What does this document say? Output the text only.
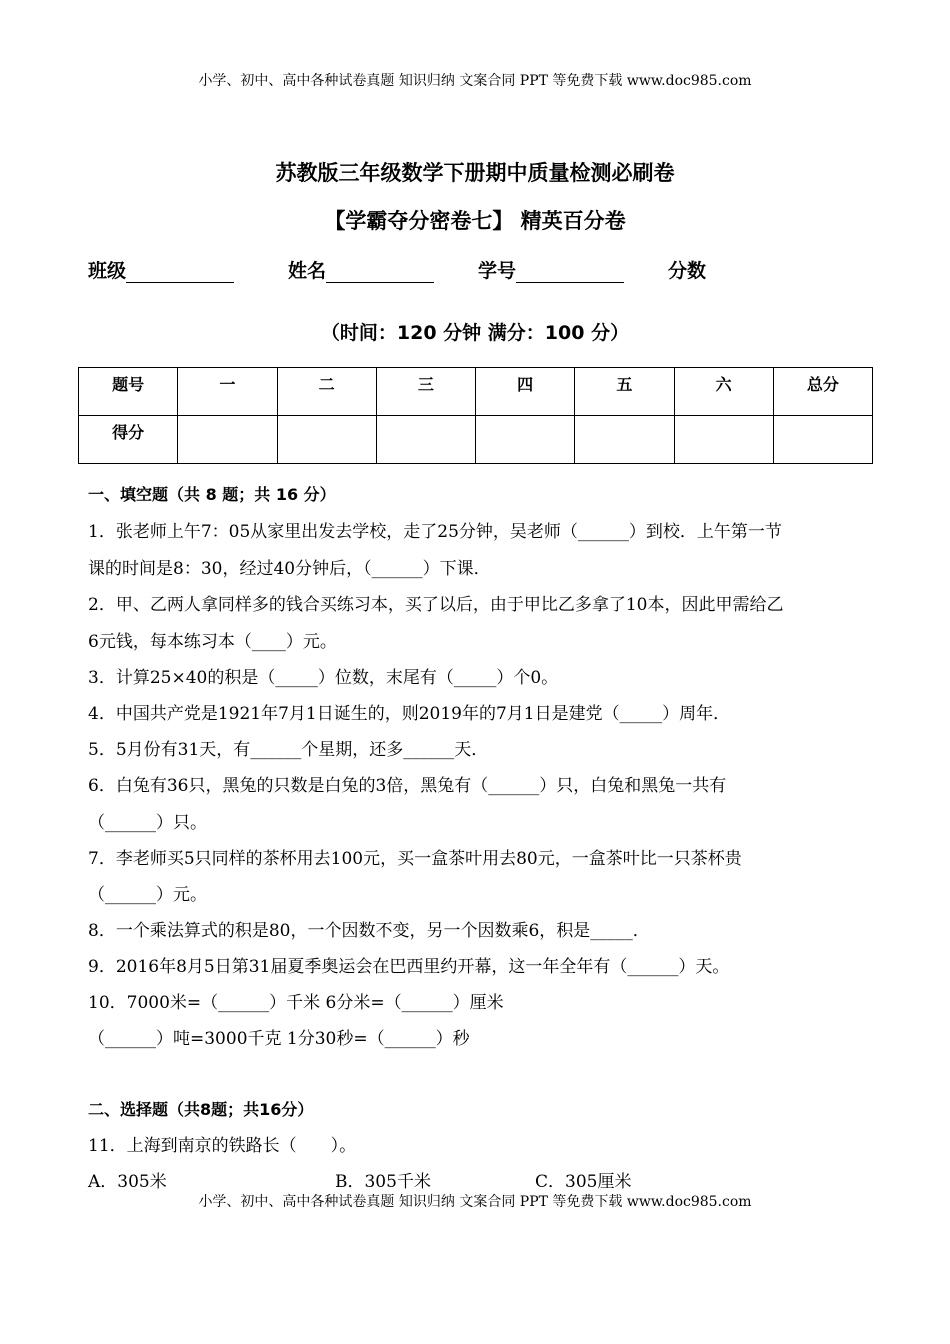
小学、初中、高中各种试卷真题 知识归纳 文案合同 PPT 等免费下载 www.doc985.com
苏教版三年级数学下册期中质量检测必刷卷
【学霸夺分密卷七】 精英百分卷
班级	姓名	学号	分数
（时间：120 分钟 满分：100 分）
题号	一	二	三	四	五	六	总分
得分							
一、填空题（共 8 题；共 16 分）
1．张老师上午7：05从家里出发去学校，走了25分钟，吴老师（______）到校．上午第一节
课的时间是8：30，经过40分钟后，（______）下课．
2．甲、乙两人拿同样多的钱合买练习本，买了以后，由于甲比乙多拿了10本，因此甲需给乙
6元钱，每本练习本（____）元。
3．计算25×40的积是（_____）位数，末尾有（_____）个0。
4．中国共产党是1921年7月1日诞生的，则2019年的7月1日是建党（_____）周年．
5．5月份有31天，有______个星期，还多______天．
6．白兔有36只，黑兔的只数是白兔的3倍，黑兔有（______）只，白兔和黑兔一共有
（______）只。
7．李老师买5只同样的茶杯用去100元，买一盒茶叶用去80元，一盒茶叶比一只茶杯贵
（______）元。
8．一个乘法算式的积是80，一个因数不变，另一个因数乘6，积是_____．
9．2016年8月5日第31届夏季奥运会在巴西里约开幕，这一年全年有（______）天。
10．7000米=（______）千米 6分米=（______）厘米
（______）吨=3000千克 1分30秒=（______）秒
二、选择题（共8题；共16分）
11．上海到南京的铁路长（　　）。
A．305米	B．305千米	C．305厘米
小学、初中、高中各种试卷真题 知识归纳 文案合同 PPT 等免费下载 www.doc985.com
